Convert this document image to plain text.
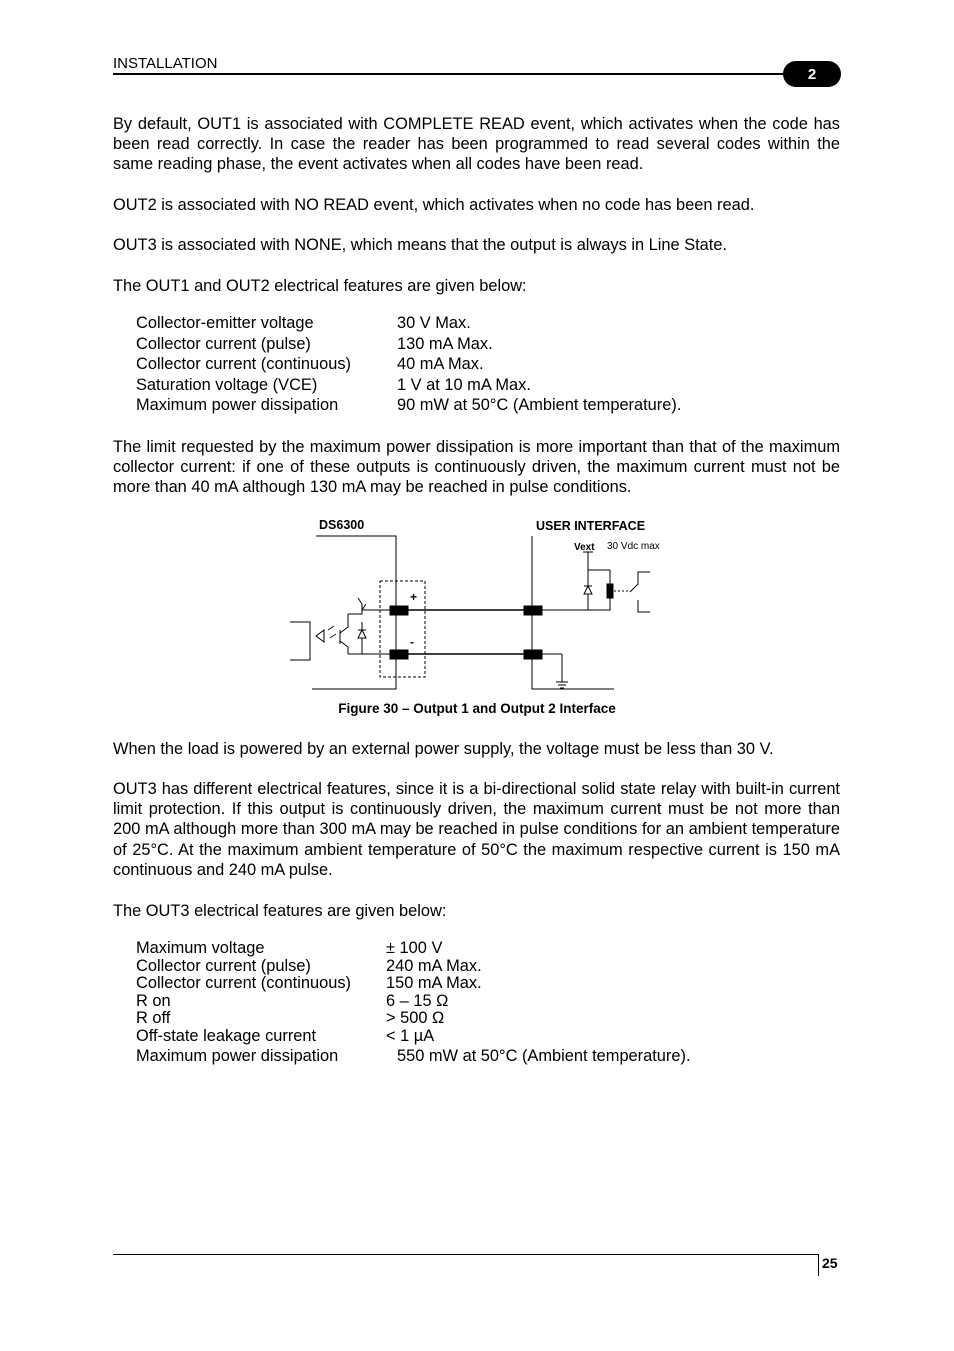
INSTALLATION
2
By default, OUT1 is associated with COMPLETE READ event, which activates when the code has been read correctly. In case the reader has been programmed to read several codes within the same reading phase, the event activates when all codes have been read.
OUT2 is associated with NO READ event, which activates when no code has been read.
OUT3 is associated with NONE, which means that the output is always in Line State.
The OUT1 and OUT2 electrical features are given below:
Collector-emitter voltage	30 V Max.
Collector current (pulse)	130 mA Max.
Collector current (continuous)	40 mA Max.
Saturation voltage (VCE)	1 V at 10 mA Max.
Maximum power dissipation	90 mW at 50°C (Ambient temperature).
The limit requested by the maximum power dissipation is more important than that of the maximum collector current: if one of these outputs is continuously driven, the maximum current must not be more than 40 mA although 130 mA may be reached in pulse conditions.
DS6300	USER INTERFACE
Vext 30 Vdc max
+
-
Figure 30 – Output 1 and Output 2 Interface
When the load is powered by an external power supply, the voltage must be less than 30 V.
OUT3 has different electrical features, since it is a bi-directional solid state relay with built-in current limit protection. If this output is continuously driven, the maximum current must be not more than 200 mA although more than 300 mA may be reached in pulse conditions for an ambient temperature of 25°C. At the maximum ambient temperature of 50°C the maximum respective current is 150 mA continuous and 240 mA pulse.
The OUT3 electrical features are given below:
Maximum voltage	± 100 V
Collector current (pulse)	240 mA Max.
Collector current (continuous) 150 mA Max.
R on	6 – 15 Ω
R off	> 500 Ω
Off-state leakage current	< 1 µA
Maximum power dissipation	550 mW at 50°C (Ambient temperature).
25
